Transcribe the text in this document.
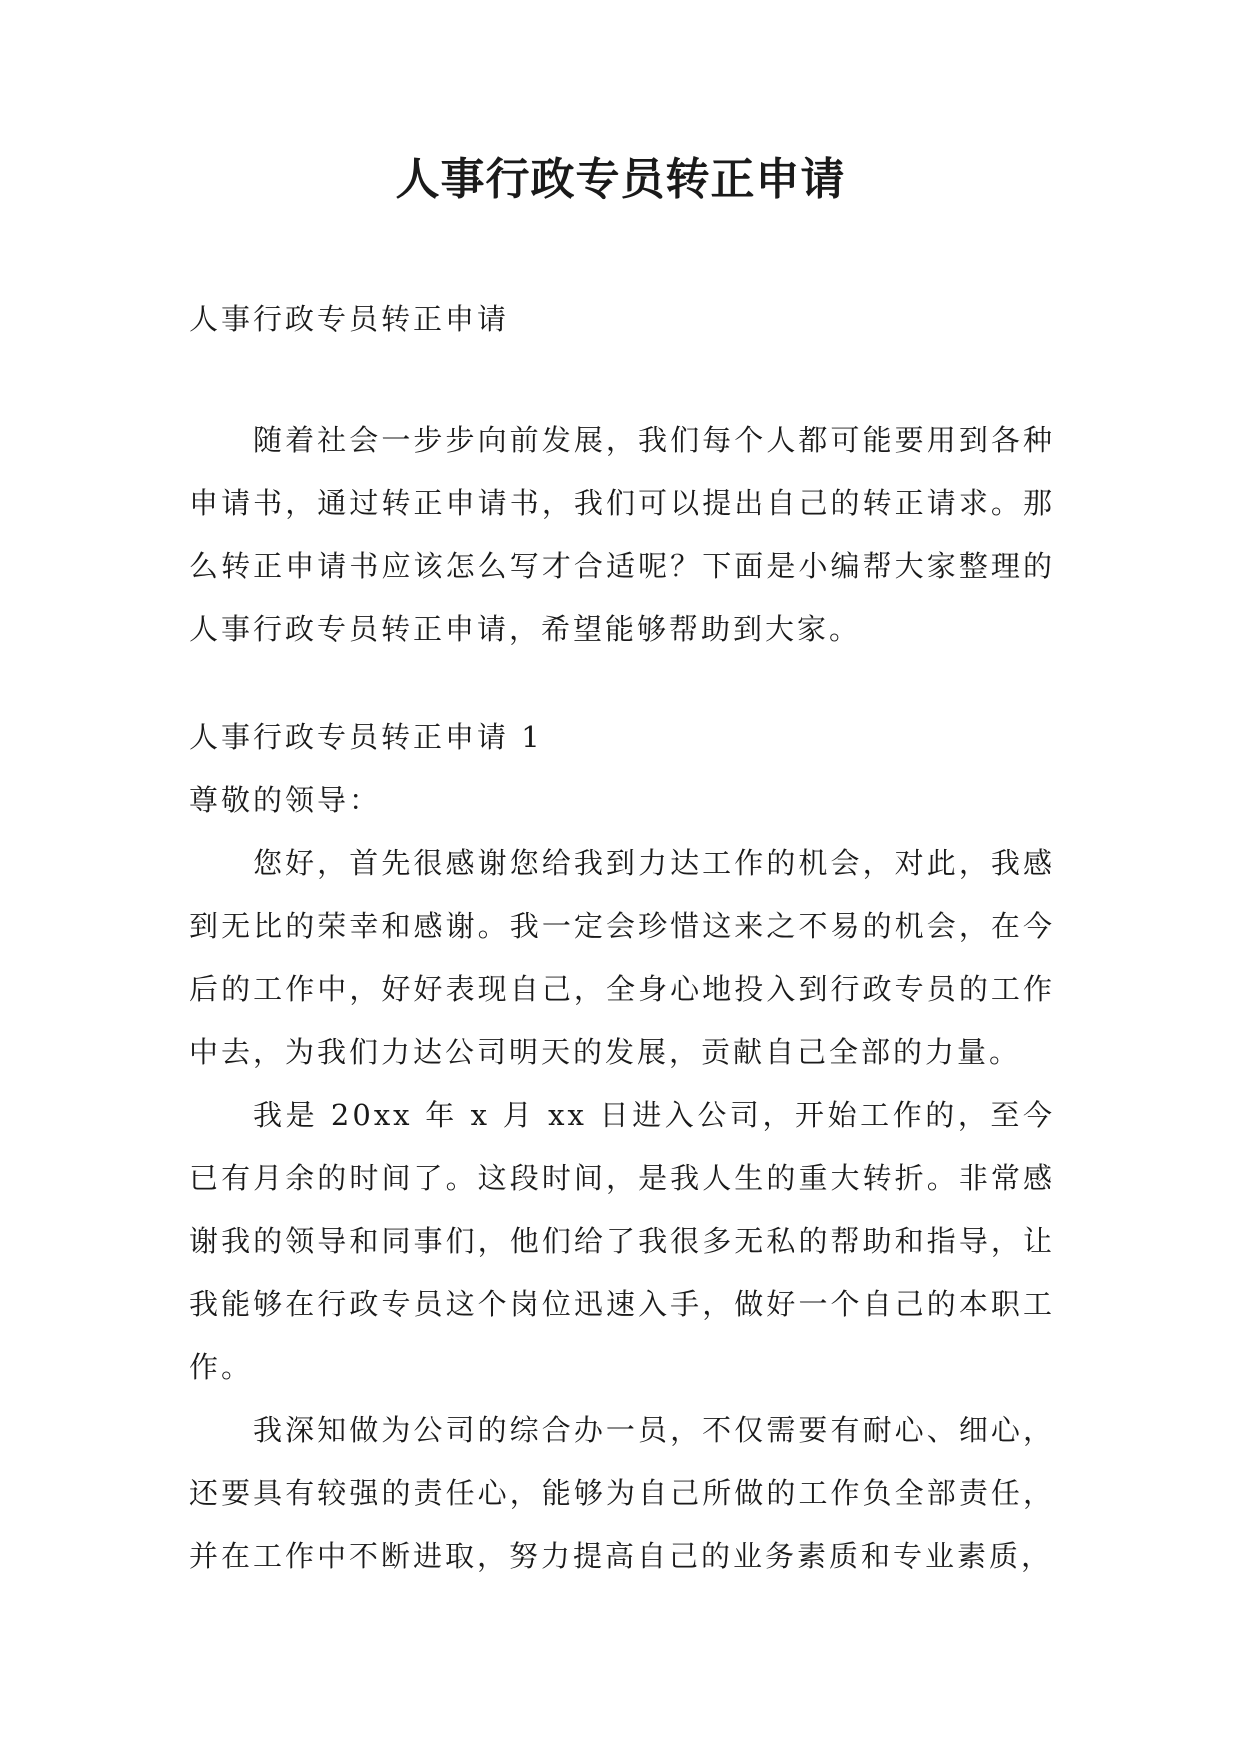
人事行政专员转正申请

人事行政专员转正申请

随着社会一步步向前发展，我们每个人都可能要用到各种申请书，通过转正申请书，我们可以提出自己的转正请求。那么转正申请书应该怎么写才合适呢？下面是小编帮大家整理的人事行政专员转正申请，希望能够帮助到大家。

人事行政专员转正申请 1

尊敬的领导：

您好，首先很感谢您给我到力达工作的机会，对此，我感到无比的荣幸和感谢。我一定会珍惜这来之不易的机会，在今后的工作中，好好表现自己，全身心地投入到行政专员的工作中去，为我们力达公司明天的发展，贡献自己全部的力量。

我是 20xx 年 x 月 xx 日进入公司，开始工作的，至今已有月余的时间了。这段时间，是我人生的重大转折。非常感谢我的领导和同事们，他们给了我很多无私的帮助和指导，让我能够在行政专员这个岗位迅速入手，做好一个自己的本职工作。

我深知做为公司的综合办一员，不仅需要有耐心、细心，还要具有较强的责任心，能够为自己所做的工作负全部责任，并在工作中不断进取，努力提高自己的业务素质和专业素质，
